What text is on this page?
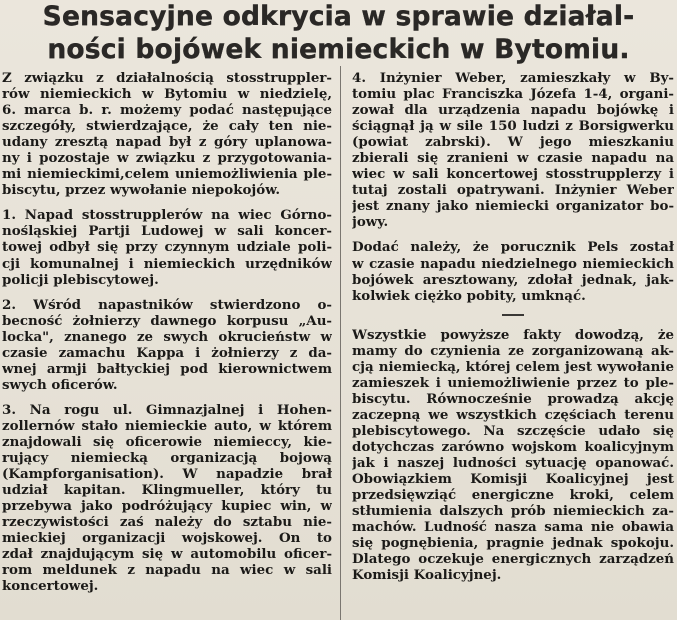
Sensacyjne odkrycia w sprawie działal-
ności bojówek niemieckich w Bytomiu.
Z związku z działalnością stosstruppler-
rów niemieckich w Bytomiu w niedzielę,
6. marca b. r. możemy podać następujące
szczegóły, stwierdzające, że cały ten nie-
udany zresztą napad był z góry uplanowa-
ny i pozostaje w związku z przygotowania-
mi niemieckimi,celem uniemożliwienia ple-
biscytu, przez wywołanie niepokojów.
1. Napad stosstrupplerów na wiec Górno-
nośląskiej Partji Ludowej w sali koncer-
towej odbył się przy czynnym udziale poli-
cji komunalnej i niemieckich urzędników
policji plebiscytowej.
2. Wśród napastników stwierdzono o-
becność żołnierzy dawnego korpusu „Au-
locka", znanego ze swych okrucieństw w
czasie zamachu Kappa i żołnierzy z da-
wnej armji bałtyckiej pod kierownictwem
swych oficerów.
3. Na rogu ul. Gimnazjalnej i Hohen-
zollernów stało niemieckie auto, w którem
znajdowali się oficerowie niemieccy, kie-
rujący niemiecką organizacją bojową
(Kampforganisation). W napadzie brał
udział kapitan. Klingmueller, który tu
przebywa jako podróżujący kupiec win, w
rzeczywistości zaś należy do sztabu nie-
mieckiej organizacji wojskowej. On to
zdał znajdującym się w automobilu oficer-
rom meldunek z napadu na wiec w sali
koncertowej.
4. Inżynier Weber, zamieszkały w By-
tomiu plac Franciszka Józefa 1-4, organi-
zował dla urządzenia napadu bojówkę i
ściągnął ją w sile 150 ludzi z Borsigwerku
(powiat zabrski). W jego mieszkaniu
zbierali się zranieni w czasie napadu na
wiec w sali koncertowej stosstrupplerzy i
tutaj zostali opatrywani. Inżynier Weber
jest znany jako niemiecki organizator bo-
jowy.
Dodać należy, że porucznik Pels został
w czasie napadu niedzielnego niemieckich
bojówek aresztowany, zdołał jednak, jak-
kolwiek ciężko pobity, umknąć.
Wszystkie powyższe fakty dowodzą, że
mamy do czynienia ze zorganizowaną ak-
cją niemiecką, której celem jest wywołanie
zamieszek i uniemożliwienie przez to ple-
biscytu. Równocześnie prowadzą akcję
zaczepną we wszystkich częściach terenu
plebiscytowego. Na szczęście udało się
dotychczas zarówno wojskom koalicyjnym
jak i naszej ludności sytuację opanować.
Obowiązkiem Komisji Koalicyjnej jest
przedsięwziąć energiczne kroki, celem
stłumienia dalszych prób niemieckich za-
machów. Ludność nasza sama nie obawia
się pognębienia, pragnie jednak spokoju.
Dlatego oczekuje energicznych zarządzeń
Komisji Koalicyjnej.
